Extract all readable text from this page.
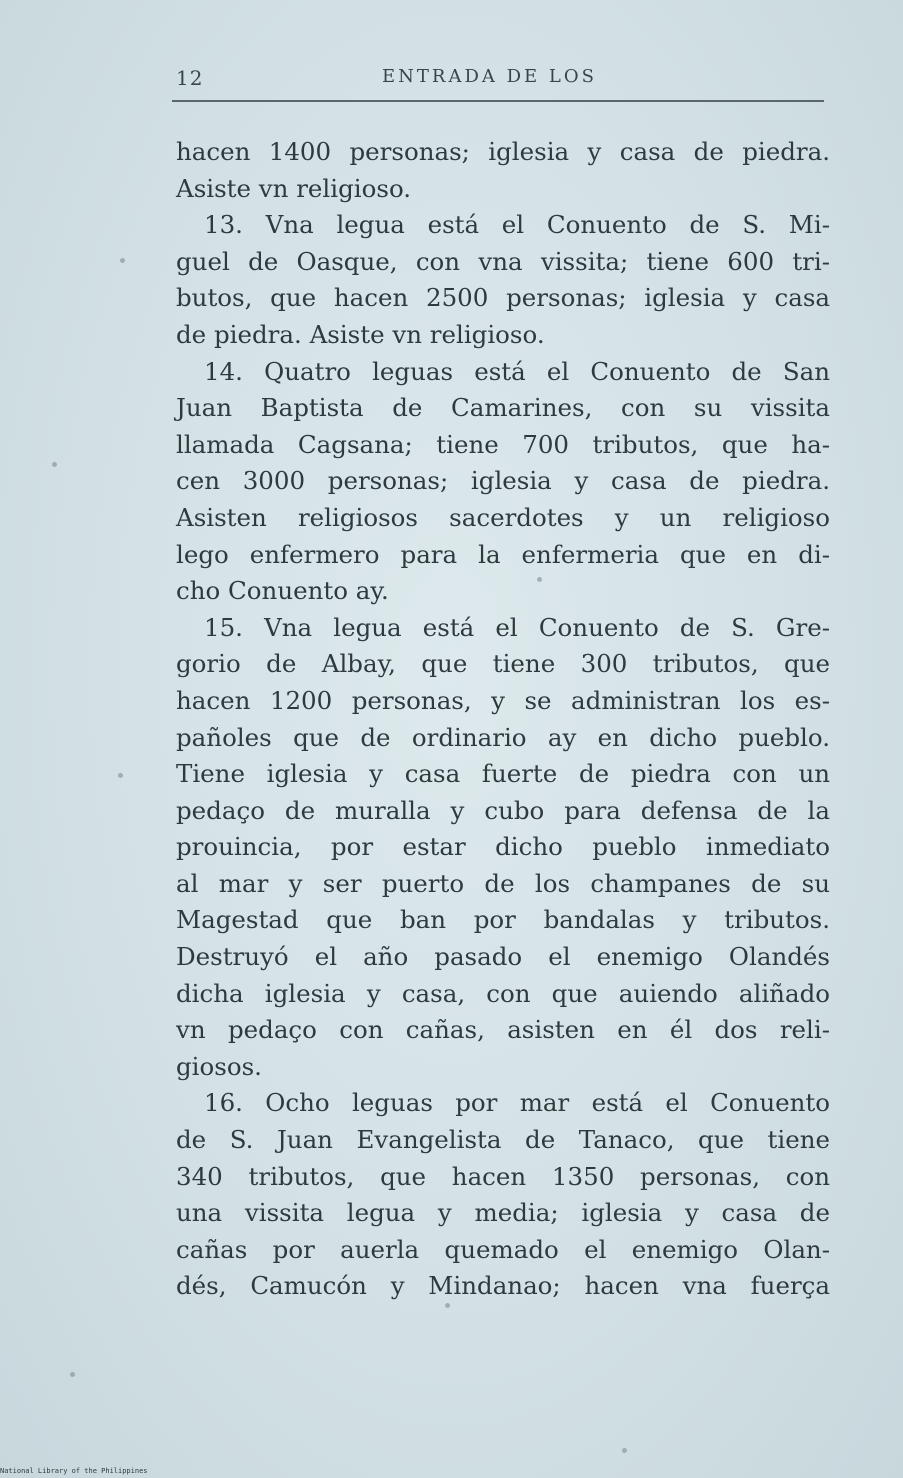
12	ENTRADA DE LOS
hacen 1400 personas; iglesia y casa de piedra.
Asiste vn religioso.
13. Vna legua está el Conuento de S. Mi-
guel de Oasque, con vna vissita; tiene 600 tri-
butos, que hacen 2500 personas; iglesia y casa
de piedra. Asiste vn religioso.
14. Quatro leguas está el Conuento de San
Juan Baptista de Camarines, con su vissita
llamada Cagsana; tiene 700 tributos, que ha-
cen 3000 personas; iglesia y casa de piedra.
Asisten religiosos sacerdotes y un religioso
lego enfermero para la enfermeria que en di-
cho Conuento ay.
15. Vna legua está el Conuento de S. Gre-
gorio de Albay, que tiene 300 tributos, que
hacen 1200 personas, y se administran los es-
pañoles que de ordinario ay en dicho pueblo.
Tiene iglesia y casa fuerte de piedra con un
pedaço de muralla y cubo para defensa de la
prouincia, por estar dicho pueblo inmediato
al mar y ser puerto de los champanes de su
Magestad que ban por bandalas y tributos.
Destruyó el año pasado el enemigo Olandés
dicha iglesia y casa, con que auiendo aliñado
vn pedaço con cañas, asisten en él dos reli-
giosos.
16. Ocho leguas por mar está el Conuento
de S. Juan Evangelista de Tanaco, que tiene
340 tributos, que hacen 1350 personas, con
una vissita legua y media; iglesia y casa de
cañas por auerla quemado el enemigo Olan-
dés, Camucón y Mindanao; hacen vna fuerça
National Library of the Philippines
